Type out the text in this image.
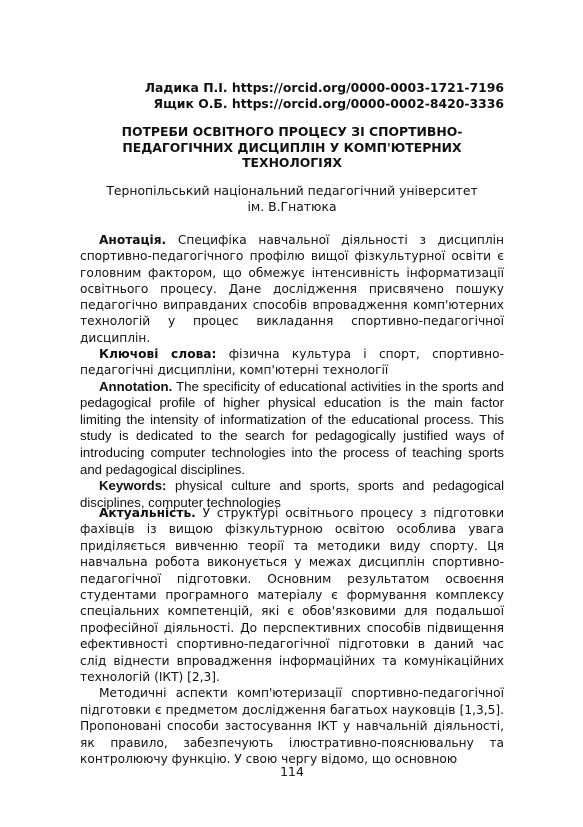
Ладика П.І. https://orcid.org/0000-0003-1721-7196
Ящик О.Б. https://orcid.org/0000-0002-8420-3336
ПОТРЕБИ ОСВІТНОГО ПРОЦЕСУ ЗІ СПОРТИВНО-
ПЕДАГОГІЧНИХ ДИСЦИПЛІН У КОМП'ЮТЕРНИХ
ТЕХНОЛОГІЯХ
Тернопільський національний педагогічний університет
ім. В.Гнатюка

Анотація. Специфіка навчальної діяльності з дисциплін спортивно-педагогічного профілю вищої фізкультурної освіти є головним фактором, що обмежує інтенсивність інформатизації освітнього процесу. Дане дослідження присвячено пошуку педагогічно виправданих способів впровадження комп'ютерних технологій у процес викладання спортивно-педагогічної дисциплін.

Ключові слова: фізична культура і спорт, спортивно-педагогічні дисципліни, комп'ютерні технології

Annotation. The specificity of educational activities in the sports and pedagogical profile of higher physical education is the main factor limiting the intensity of informatization of the educational process. This study is dedicated to the search for pedagogically justified ways of introducing computer technologies into the process of teaching sports and pedagogical disciplines.

Keywords: physical culture and sports, sports and pedagogical disciplines, computer technologies

Актуальність. У структурі освітнього процесу з підготовки фахівців із вищою фізкультурною освітою особлива увага приділяється вивченню теорії та методики виду спорту. Ця навчальна робота виконується у межах дисциплін спортивно-педагогічної підготовки. Основним результатом освоєння студентами програмного матеріалу є формування комплексу спеціальних компетенцій, які є обов'язковими для подальшої професійної діяльності. До перспективних способів підвищення ефективності спортивно-педагогічної підготовки в даний час слід віднести впровадження інформаційних та комунікаційних технологій (ІКТ) [2,3].

Методичні аспекти комп'ютеризації спортивно-педагогічної підготовки є предметом дослідження багатьох науковців [1,3,5]. Пропоновані способи застосування ІКТ у навчальній діяльності, як правило, забезпечують ілюстративно-пояснювальну та контролюючу функцію. У свою чергу відомо, що основною

114
